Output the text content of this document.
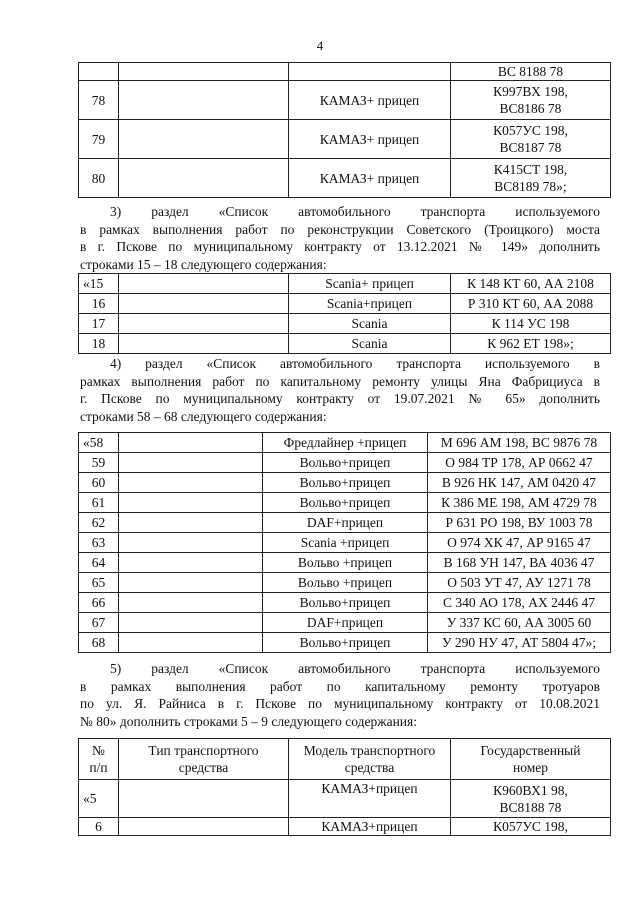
4
			ВС 8188 78
78		КАМАЗ+ прицеп	К997ВХ 198,
ВС8186 78
79		КАМАЗ+ прицеп	К057УС 198,
ВС8187 78
80		КАМАЗ+ прицеп	К415СТ 198,
ВС8189 78»;
3) раздел «Список автомобильного транспорта используемого
в рамках выполнения работ по реконструкции Советского (Троицкого) моста
в г. Пскове по муниципальному контракту от 13.12.2021 № 149» дополнить
строками 15 – 18 следующего содержания:
«15		Scania+ прицеп	К 148 КТ 60, АА 2108
16		Scania+прицеп	Р 310 КТ 60, АА 2088
17		Scania	К 114 УС 198
18		Scania	К 962 ЕТ 198»;
4) раздел «Список автомобильного транспорта используемого в
рамках выполнения работ по капитальному ремонту улицы Яна Фабрициуса в
г. Пскове по муниципальному контракту от 19.07.2021 № 65» дополнить
строками 58 – 68 следующего содержания:
«58		Фредлайнер +прицеп	М 696 АМ 198, ВС 9876 78
59		Вольво+прицеп	О 984 ТР 178, АР 0662 47
60		Вольво+прицеп	В 926 НК 147, АМ 0420 47
61		Вольво+прицеп	К 386 МЕ 198, АМ 4729 78
62		DAF+прицеп	Р 631 РО 198, ВУ 1003 78
63		Scania +прицеп	О 974 ХК 47, АР 9165 47
64		Вольво +прицеп	В 168 УН 147, ВА 4036 47
65		Вольво +прицеп	О 503 УТ 47, АУ 1271 78
66		Вольво+прицеп	С 340 АО 178, АХ 2446 47
67		DAF+прицеп	У 337 КС 60, АА 3005 60
68		Вольво+прицеп	У 290 НУ 47, АТ 5804 47»;
5) раздел «Список автомобильного транспорта используемого
в рамках выполнения работ по капитальному ремонту тротуаров
по ул. Я. Райниса в г. Пскове по муниципальному контракту от 10.08.2021
№ 80» дополнить строками 5 – 9 следующего содержания:
№
п/п	Тип транспортного
средства	Модель транспортного
средства	Государственный
номер
«5		КАМАЗ+прицеп	К960ВХ1 98,
ВС8188 78
6		КАМАЗ+прицеп	К057УС 198,
